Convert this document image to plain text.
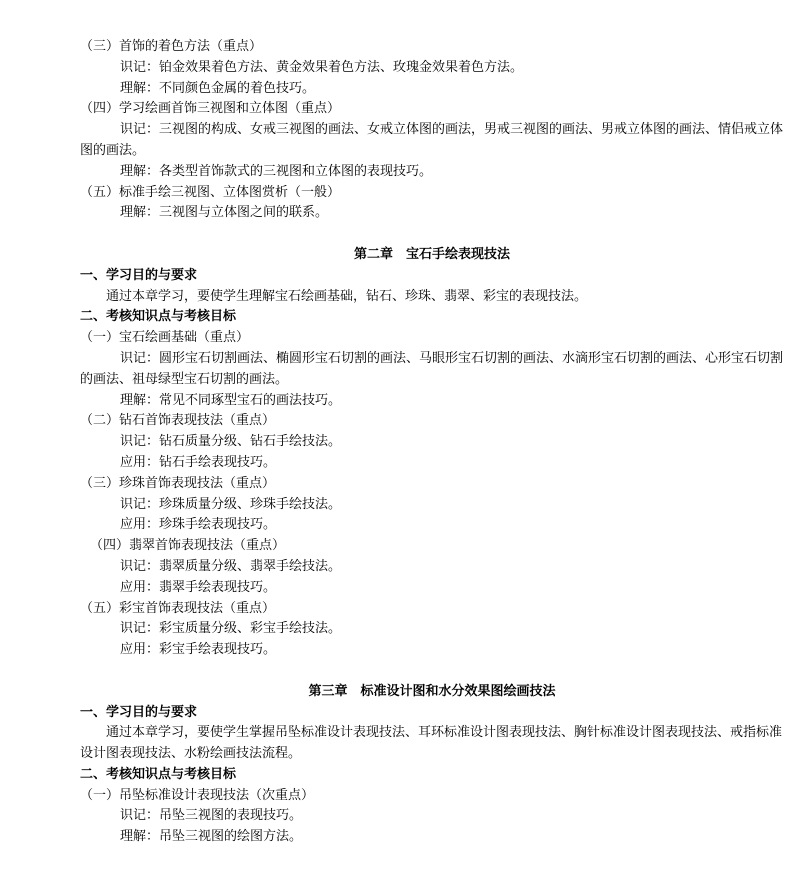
（三）首饰的着色方法（重点）
识记：铂金效果着色方法、黄金效果着色方法、玫瑰金效果着色方法。
理解：不同颜色金属的着色技巧。
（四）学习绘画首饰三视图和立体图（重点）
识记：三视图的构成、女戒三视图的画法、女戒立体图的画法，男戒三视图的画法、男戒立体图的画法、情侣戒立体图的画法。
理解：各类型首饰款式的三视图和立体图的表现技巧。
（五）标准手绘三视图、立体图赏析（一般）
理解：三视图与立体图之间的联系。
第二章　宝石手绘表现技法
一、学习目的与要求
通过本章学习，要使学生理解宝石绘画基础，钻石、珍珠、翡翠、彩宝的表现技法。
二、考核知识点与考核目标
（一）宝石绘画基础（重点）
识记：圆形宝石切割画法、椭圆形宝石切割的画法、马眼形宝石切割的画法、水滴形宝石切割的画法、心形宝石切割的画法、祖母绿型宝石切割的画法。
理解：常见不同琢型宝石的画法技巧。
（二）钻石首饰表现技法（重点）
识记：钻石质量分级、钻石手绘技法。
应用：钻石手绘表现技巧。
（三）珍珠首饰表现技法（重点）
识记：珍珠质量分级、珍珠手绘技法。
应用：珍珠手绘表现技巧。
（四）翡翠首饰表现技法（重点）
识记：翡翠质量分级、翡翠手绘技法。
应用：翡翠手绘表现技巧。
（五）彩宝首饰表现技法（重点）
识记：彩宝质量分级、彩宝手绘技法。
应用：彩宝手绘表现技巧。
第三章　标准设计图和水分效果图绘画技法
一、学习目的与要求
通过本章学习，要使学生掌握吊坠标准设计表现技法、耳环标准设计图表现技法、胸针标准设计图表现技法、戒指标准设计图表现技法、水粉绘画技法流程。
二、考核知识点与考核目标
（一）吊坠标准设计表现技法（次重点）
识记：吊坠三视图的表现技巧。
理解：吊坠三视图的绘图方法。
